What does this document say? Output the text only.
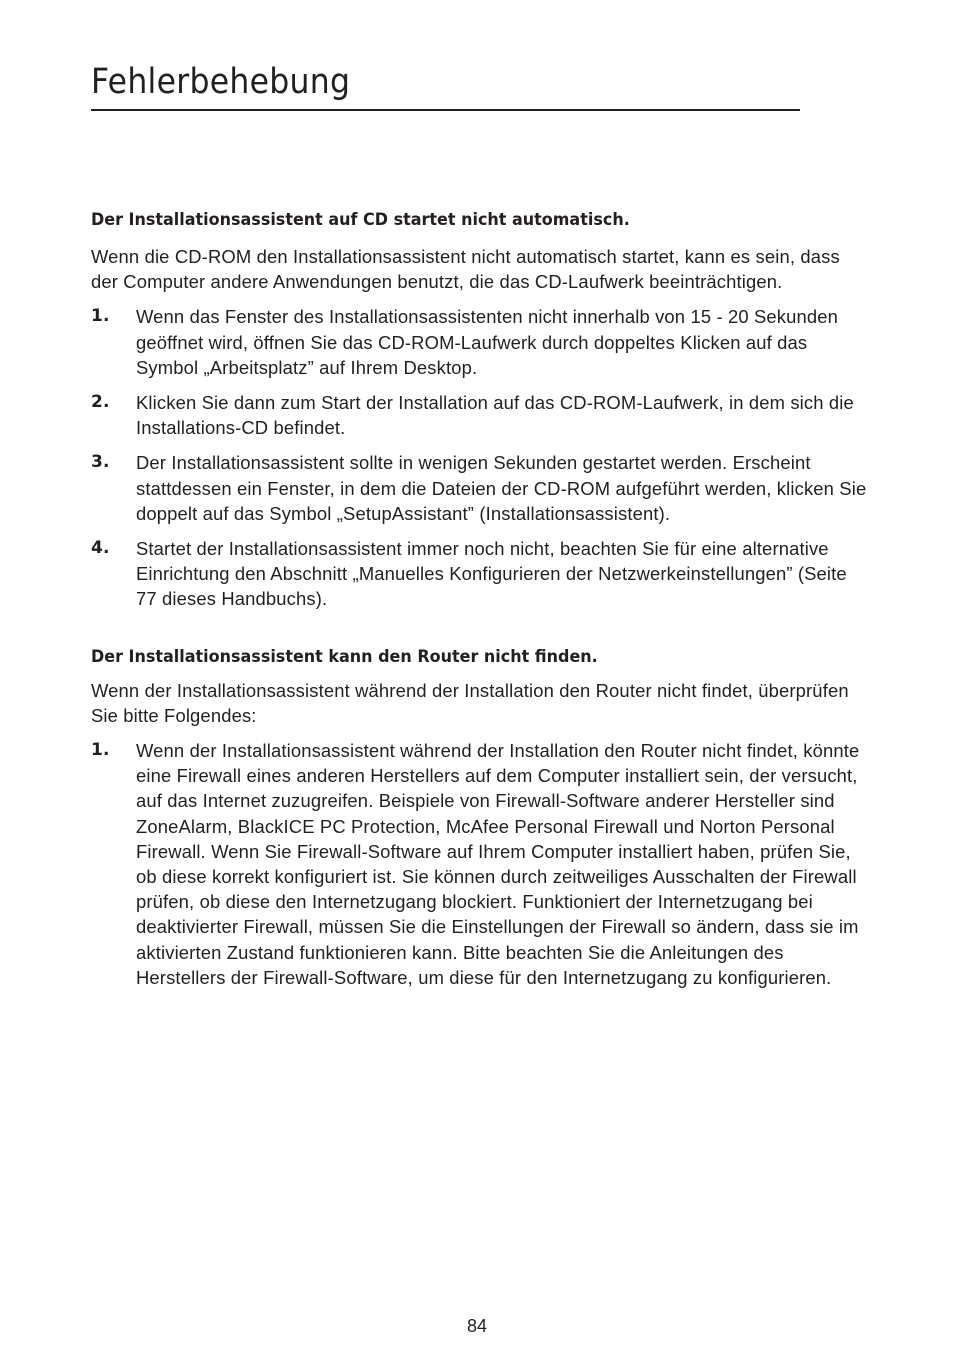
Fehlerbehebung
Der Installationsassistent auf CD startet nicht automatisch.

Wenn die CD-ROM den Installationsassistent nicht automatisch startet, kann es sein, dass der Computer andere Anwendungen benutzt, die das CD-Laufwerk beeinträchtigen.

1. Wenn das Fenster des Installationsassistenten nicht innerhalb von 15 - 20 Sekunden geöffnet wird, öffnen Sie das CD-ROM-Laufwerk durch doppeltes Klicken auf das Symbol „Arbeitsplatz” auf Ihrem Desktop.
2. Klicken Sie dann zum Start der Installation auf das CD-ROM-Laufwerk, in dem sich die Installations-CD befindet.
3. Der Installationsassistent sollte in wenigen Sekunden gestartet werden. Erscheint stattdessen ein Fenster, in dem die Dateien der CD-ROM aufgeführt werden, klicken Sie doppelt auf das Symbol „SetupAssistant” (Installationsassistent).
4. Startet der Installationsassistent immer noch nicht, beachten Sie für eine alternative Einrichtung den Abschnitt „Manuelles Konfigurieren der Netzwerkeinstellungen” (Seite 77 dieses Handbuchs).
Der Installationsassistent kann den Router nicht finden.

Wenn der Installationsassistent während der Installation den Router nicht findet, überprüfen Sie bitte Folgendes:

1. Wenn der Installationsassistent während der Installation den Router nicht findet, könnte eine Firewall eines anderen Herstellers auf dem Computer installiert sein, der versucht, auf das Internet zuzugreifen. Beispiele von Firewall-Software anderer Hersteller sind ZoneAlarm, BlackICE PC Protection, McAfee Personal Firewall und Norton Personal Firewall. Wenn Sie Firewall-Software auf Ihrem Computer installiert haben, prüfen Sie, ob diese korrekt konfiguriert ist. Sie können durch zeitweiliges Ausschalten der Firewall prüfen, ob diese den Internetzugang blockiert. Funktioniert der Internetzugang bei deaktivierter Firewall, müssen Sie die Einstellungen der Firewall so ändern, dass sie im aktivierten Zustand funktionieren kann. Bitte beachten Sie die Anleitungen des Herstellers der Firewall-Software, um diese für den Internetzugang zu konfigurieren.
84
